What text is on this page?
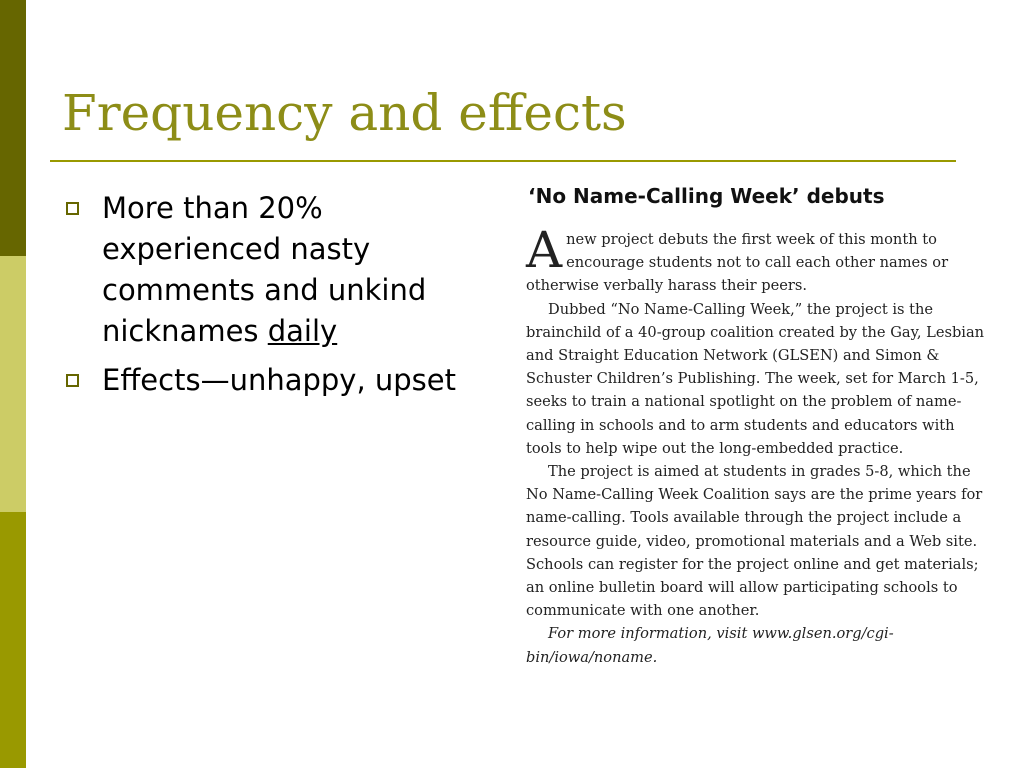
Frequency and effects
More than 20% experienced nasty comments and unkind nicknames daily
Effects—unhappy, upset
‘No Name-Calling Week’ debuts

Anew project debuts the first week of this month to encourage students not to call each other names or otherwise verbally harass their peers.

Dubbed “No Name-Calling Week,” the project is the brainchild of a 40-group coalition created by the Gay, Lesbian and Straight Education Network (GLSEN) and Simon & Schuster Children’s Publishing. The week, set for March 1-5, seeks to train a national spotlight on the problem of name-calling in schools and to arm students and educators with tools to help wipe out the long-embedded practice.

The project is aimed at students in grades 5-8, which the No Name-Calling Week Coalition says are the prime years for name-calling. Tools available through the project include a resource guide, video, promotional materials and a Web site. Schools can register for the project online and get materials; an online bulletin board will allow participating schools to communicate with one another.

For more information, visit www.glsen.org/cgi-bin/iowa/noname.
